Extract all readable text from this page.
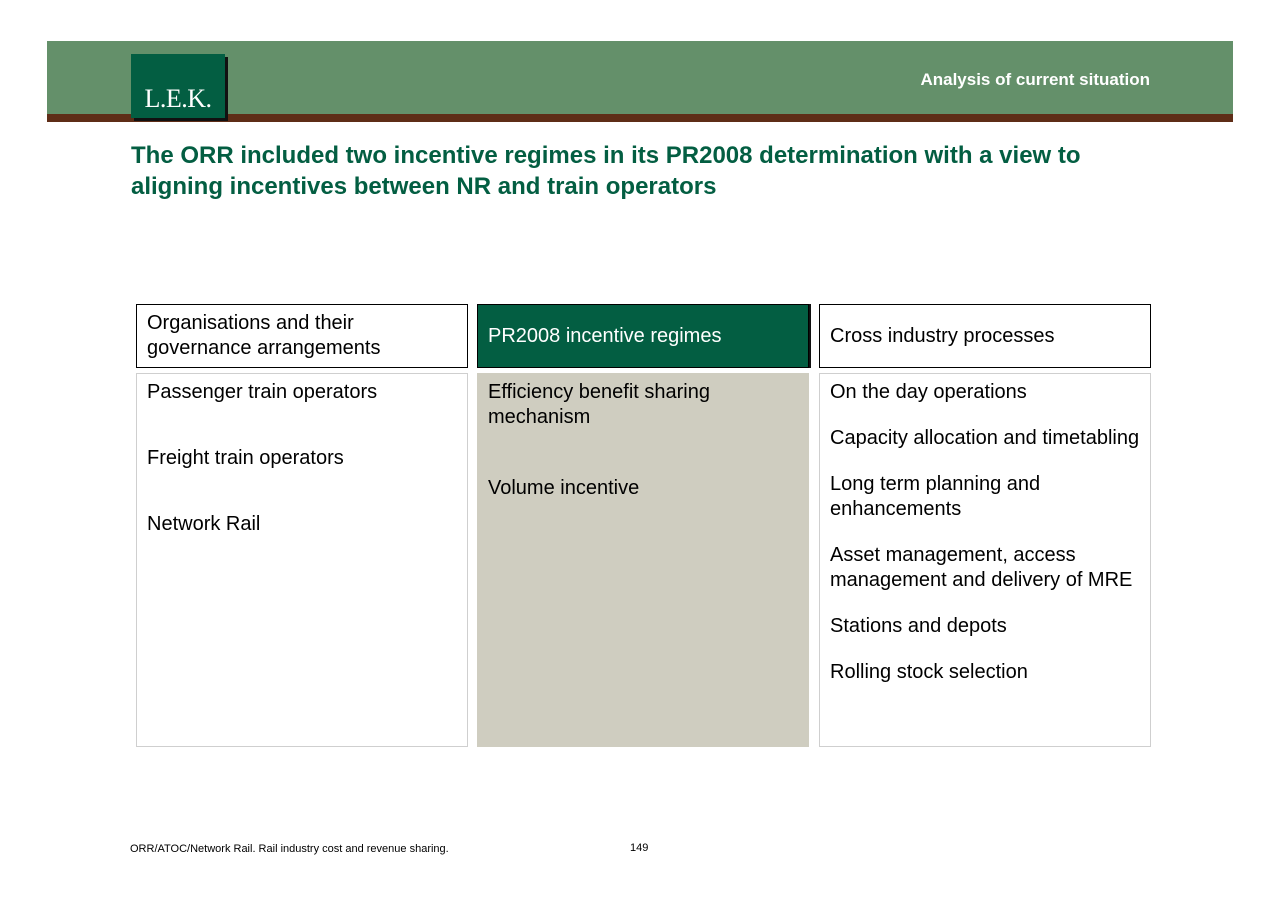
L.E.K.
Analysis of current situation
The ORR included two incentive regimes in its PR2008 determination with a view to aligning incentives between NR and train operators
Organisations and their governance arrangements

Passenger train operators

Freight train operators

Network Rail

PR2008 incentive regimes

Efficiency benefit sharing mechanism

Volume incentive

Cross industry processes

On the day operations

Capacity allocation and timetabling

Long term planning and enhancements

Asset management, access management and delivery of MRE

Stations and depots

Rolling stock selection

ORR/ATOC/Network Rail. Rail industry cost and revenue sharing.	149
